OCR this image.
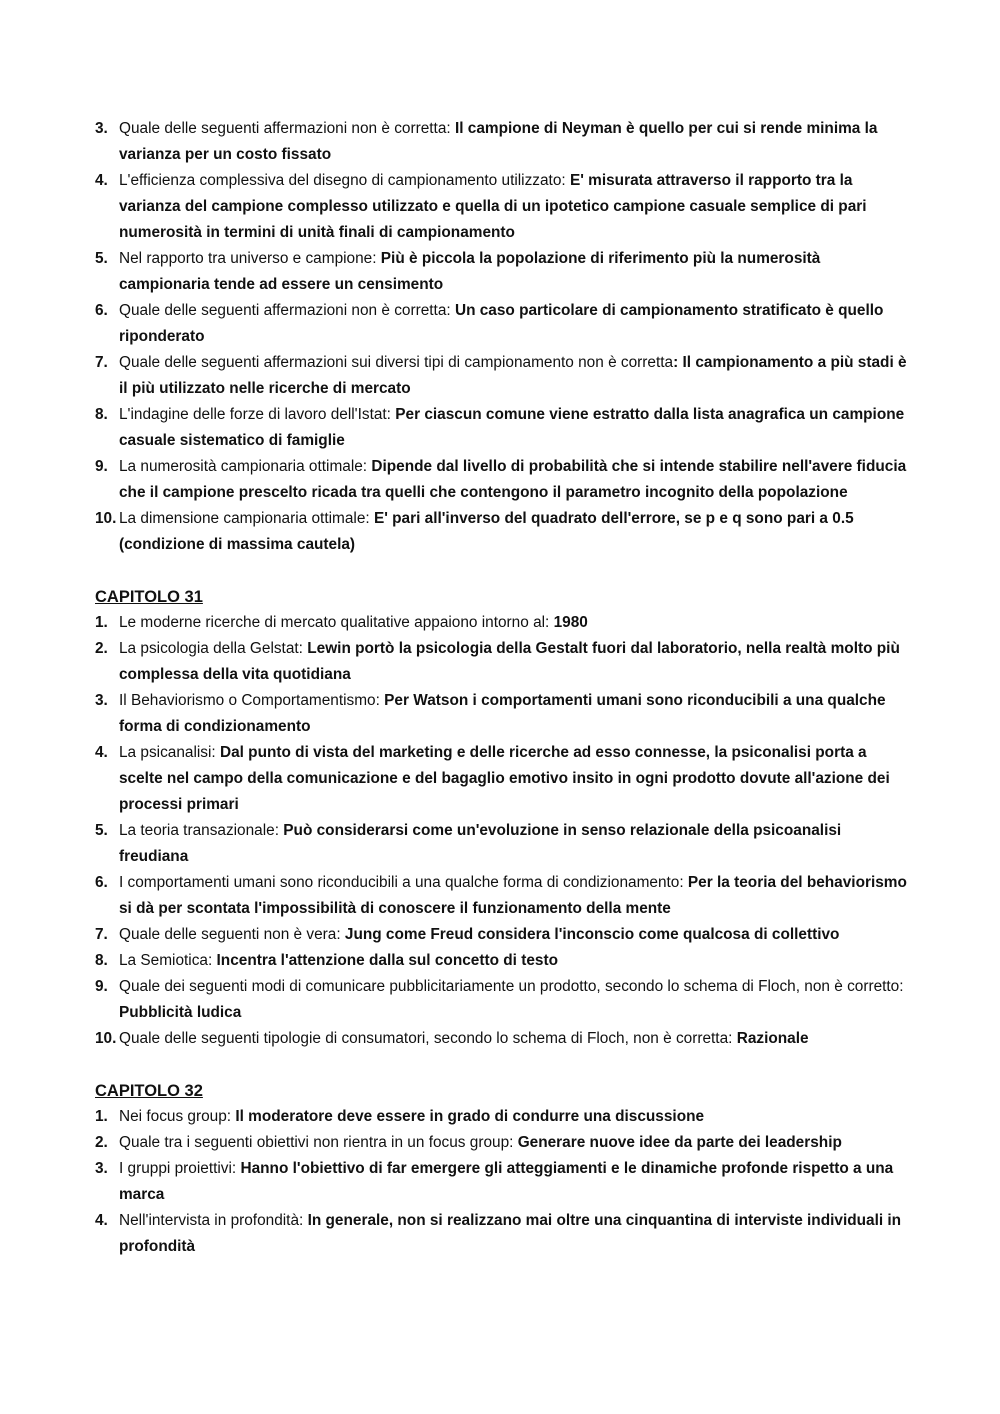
3. Quale delle seguenti affermazioni non è corretta: Il campione di Neyman è quello per cui si rende minima la varianza per un costo fissato
4. L'efficienza complessiva del disegno di campionamento utilizzato: E' misurata attraverso il rapporto tra la varianza del campione complesso utilizzato e quella di un ipotetico campione casuale semplice di pari numerosità in termini di unità finali di campionamento
5. Nel rapporto tra universo e campione: Più è piccola la popolazione di riferimento più la numerosità campionaria tende ad essere un censimento
6. Quale delle seguenti affermazioni non è corretta: Un caso particolare di campionamento stratificato è quello riponderato
7. Quale delle seguenti affermazioni sui diversi tipi di campionamento non è corretta: Il campionamento a più stadi è il più utilizzato nelle ricerche di mercato
8. L'indagine delle forze di lavoro dell'Istat: Per ciascun comune viene estratto dalla lista anagrafica un campione casuale sistematico di famiglie
9. La numerosità campionaria ottimale: Dipende dal livello di probabilità che si intende stabilire nell'avere fiducia che il campione prescelto ricada tra quelli che contengono il parametro incognito della popolazione
10. La dimensione campionaria ottimale: E' pari all'inverso del quadrato dell'errore, se p e q sono pari a 0.5 (condizione di massima cautela)
CAPITOLO 31
1. Le moderne ricerche di mercato qualitative appaiono intorno al: 1980
2. La psicologia della Gelstat: Lewin portò la psicologia della Gestalt fuori dal laboratorio, nella realtà molto più complessa della vita quotidiana
3. Il Behaviorismo o Comportamentismo: Per Watson i comportamenti umani sono riconducibili a una qualche forma di condizionamento
4. La psicanalisi: Dal punto di vista del marketing e delle ricerche ad esso connesse, la psiconalisi porta a scelte nel campo della comunicazione e del bagaglio emotivo insito in ogni prodotto dovute all'azione dei processi primari
5. La teoria transazionale: Può considerarsi come un'evoluzione in senso relazionale della psicoanalisi freudiana
6. I comportamenti umani sono riconducibili a una qualche forma di condizionamento: Per la teoria del behaviorismo si dà per scontata l'impossibilità di conoscere il funzionamento della mente
7. Quale delle seguenti non è vera: Jung come Freud considera l'inconscio come qualcosa di collettivo
8. La Semiotica: Incentra l'attenzione dalla sul concetto di testo
9. Quale dei seguenti modi di comunicare pubblicitariamente un prodotto, secondo lo schema di Floch, non è corretto: Pubblicità ludica
10. Quale delle seguenti tipologie di consumatori, secondo lo schema di Floch, non è corretta: Razionale
CAPITOLO 32
1. Nei focus group: Il moderatore deve essere in grado di condurre una discussione
2. Quale tra i seguenti obiettivi non rientra in un focus group: Generare nuove idee da parte dei leadership
3. I gruppi proiettivi: Hanno l'obiettivo di far emergere gli atteggiamenti e le dinamiche profonde rispetto a una marca
4. Nell'intervista in profondità: In generale, non si realizzano mai oltre una cinquantina di interviste individuali in profondità
